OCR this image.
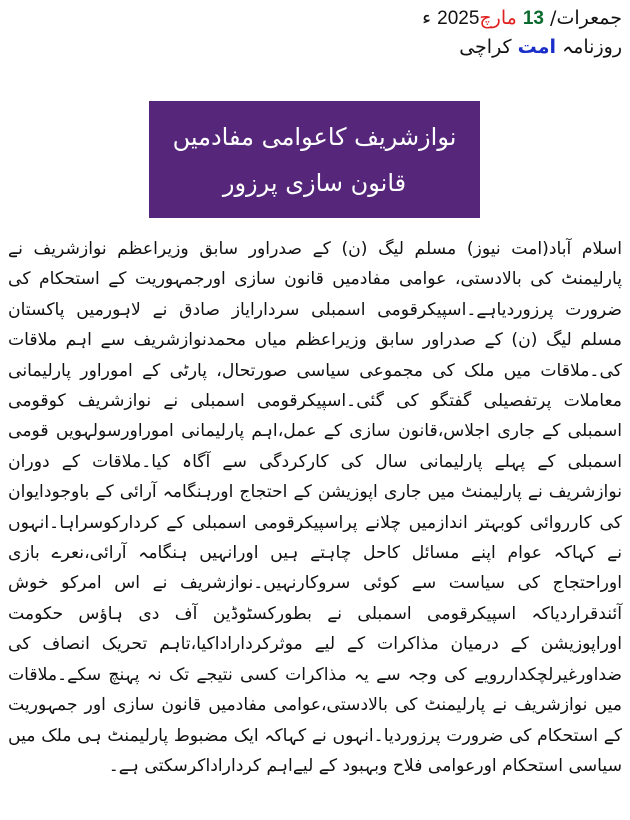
جمعرات/ 13 مارچ2025 ء
روزنامہ امت کراچی
نوازشریف کاعوامی مفادمیں
قانون سازی پرزور

اسلام آباد(امت نیوز) مسلم لیگ (ن) کے صدراور سابق وزیراعظم نوازشریف نے پارلیمنٹ کی بالادستی، عوامی مفادمیں قانون سازی اورجمہوریت کے استحکام کی ضرورت پرزوردیاہے۔اسپیکرقومی اسمبلی سردارایاز صادق نے لاہورمیں پاکستان مسلم لیگ (ن) کے صدراور سابق وزیراعظم میاں محمدنوازشریف سے اہم ملاقات کی۔ملاقات میں ملک کی مجموعی سیاسی صورتحال، پارٹی کے اموراور پارلیمانی معاملات پرتفصیلی گفتگو کی گئی۔اسپیکرقومی اسمبلی نے نوازشریف کوقومی اسمبلی کے جاری اجلاس،قانون سازی کے عمل،اہم پارلیمانی اموراورسولہویں قومی اسمبلی کے پہلے پارلیمانی سال کی کارکردگی سے آگاہ کیا۔ملاقات کے دوران نوازشریف نے پارلیمنٹ میں جاری اپوزیشن کے احتجاج اورہنگامہ آرائی کے باوجودایوان کی کارروائی کوبہتر اندازمیں چلانے پراسپیکرقومی اسمبلی کے کردارکوسراہا۔انہوں نے کہاکہ عوام اپنے مسائل کاحل چاہتے ہیں اورانہیں ہنگامہ آرائی،نعرے بازی اوراحتجاج کی سیاست سے کوئی سروکارنہیں۔نوازشریف نے اس امرکو خوش آئندقراردیاکہ اسپیکرقومی اسمبلی نے بطورکسٹوڈین آف دی ہاؤس حکومت اوراپوزیشن کے درمیان مذاکرات کے لیے موثرکرداراداکیا،تاہم تحریک انصاف کی ضداورغیرلچکداررویے کی وجہ سے یہ مذاکرات کسی نتیجے تک نہ پہنچ سکے۔ملاقات میں نوازشریف نے پارلیمنٹ کی بالادستی،عوامی مفادمیں قانون سازی اور جمہوریت کے استحکام کی ضرورت پرزوردیا۔انہوں نے کہاکہ ایک مضبوط پارلیمنٹ ہی ملک میں سیاسی استحکام اورعوامی فلاح وبہبود کے لیےاہم کرداراداکرسکتی ہے۔
